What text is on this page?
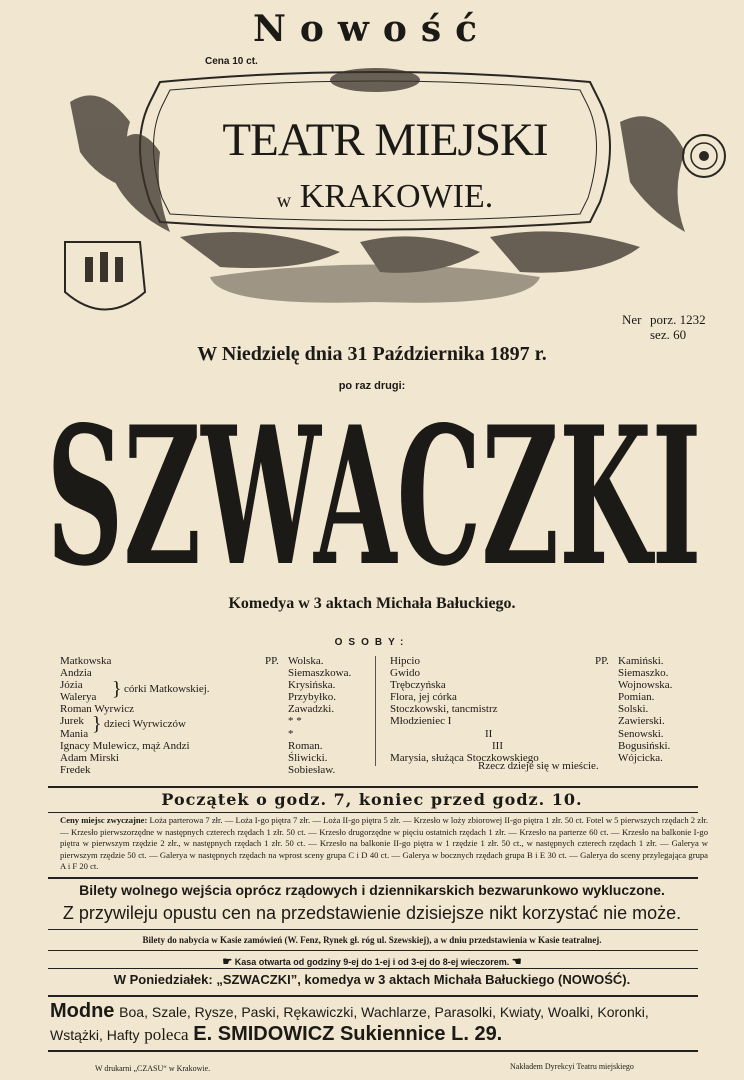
Nowość
Cena 10 ct.
TEATR MIEJSKI
w KRAKOWIE.
Ner porz. 1232
sez. 60
W Niedzielę dnia 31 Października 1897 r.
po raz drugi:
SZWACZKI
Komedya w 3 aktach Michała Bałuckiego.
OSOBY:
Matkowska	PP. Wolska.
Andzia	Siemaszkowa.
Józia	Krysińska.
Walerya	Przybyłko.
Roman Wyrwicz	Zawadzki.
Jurek	* *
Mania	*
Ignacy Mulewicz, mąż Andzi	Roman.
Adam Mirski	Śliwicki.
Fredek	Sobiesław.
Hipcio	PP. Kamiński.
Gwido	Siemaszko.
Trębczyńska	Wojnowska.
Flora, jej córka	Pomian.
Stoczkowski, tancmistrz	Solski.
Młodzieniec I	Zawierski.
II	Senowski.
III	Bogusiński.
Marysia, służąca Stoczkowskiego	Wójcicka.
} córki Matkowskiej.
} dzieci Wyrwiczów
Rzecz dzieje się w mieście.
Początek o godz. 7, koniec przed godz. 10.
Ceny miejsc zwyczajne: Loża parterowa 7 złr. — Loża I-go piętra 7 złr. — Loża II-go piętra 5 złr. — Krzesło w loży zbiorowej II-go piętra 1 złr. 50 ct. Fotel w 5 pierwszych rzędach 2 złr. — Krzesło pierwszorzędne w następnych czterech rzędach 1 złr. 50 ct. — Krzesło drugorzędne w pięciu ostatnich rzędach 1 złr. — Krzesło na parterze 60 ct. — Krzesło na balkonie I-go piętra w pierwszym rzędzie 2 złr., w następnych rzędach 1 złr. 50 ct. — Krzesło na balkonie II-go piętra w 1 rzędzie 1 złr. 50 ct., w następnych czterech rzędach 1 złr. — Galerya w pierwszym rzędzie 50 ct. — Galerya w następnych rzędach na wprost sceny grupa C i D 40 ct. — Galerya w bocznych rzędach grupa B i E 30 ct. — Galerya do sceny przylegająca grupa A i F 20 ct.
Bilety wolnego wejścia oprócz rządowych i dziennikarskich bezwarunkowo wykluczone.
Z przywileju opustu cen na przedstawienie dzisiejsze nikt korzystać nie może.
Bilety do nabycia w Kasie zamówień (W. Fenz, Rynek gł. róg ul. Szewskiej), a w dniu przedstawienia w Kasie teatralnej.
☛ Kasa otwarta od godziny 9-ej do 1-ej i od 3-ej do 8-ej wieczorem. ☚
W Poniedziałek: „SZWACZKI”, komedya w 3 aktach Michała Bałuckiego (NOWOŚĆ).
Modne Boa, Szale, Rysze, Paski, Rękawiczki, Wachlarze, Parasolki, Kwiaty, Woalki, Koronki,
Wstążki, Hafty poleca E. SMIDOWICZ Sukiennice L. 29.
W drukarni „CZASU“ w Krakowie.	Nakładem Dyrekcyi Teatru miejskiego
